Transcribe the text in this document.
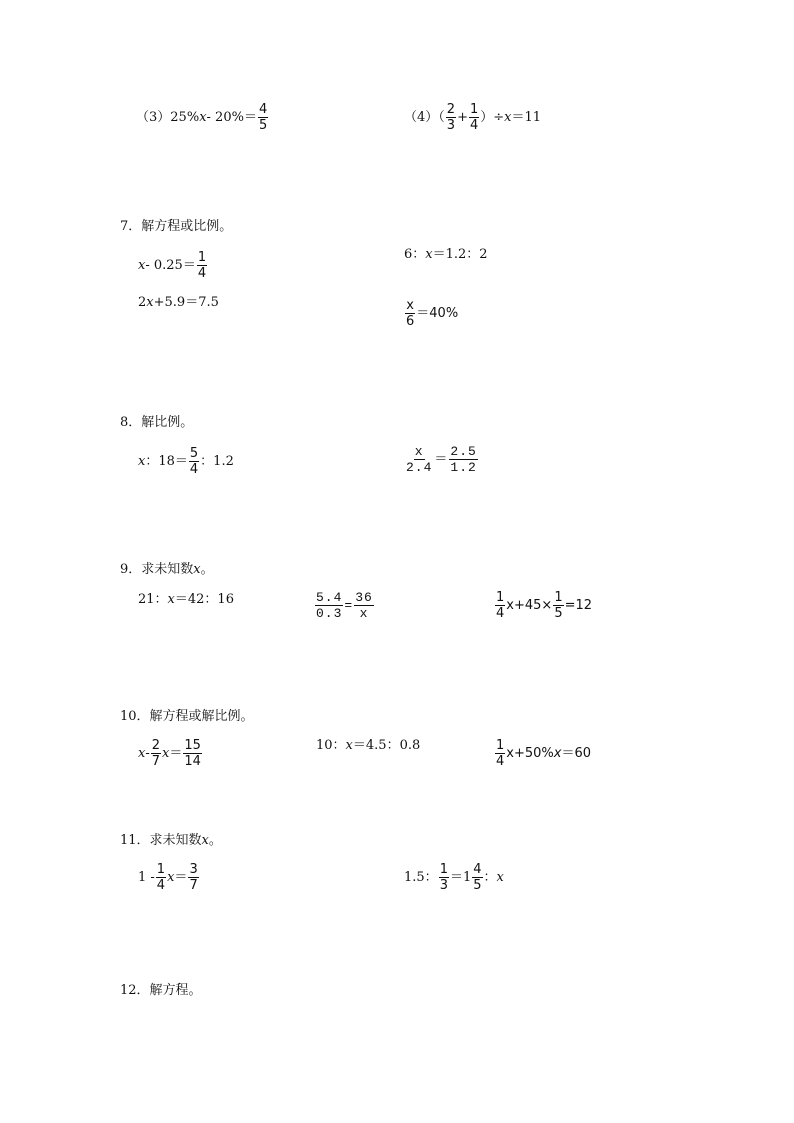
（3） 25% $x - 20\%= \frac{4}{5}$	$(4)( \frac{2}{3} + \frac{1}{4}$ ）÷ x ＝11
7．解方程或比例。
$x - 0.25= \frac{1}{4}$	6： x ＝1.2：2
2 x +5.9＝7.5	$\frac{x}{6} =40\%$
8．解比例。
x ：$18= \frac{5}{4}$ ：1.2	$\frac{x}{2.4} = \frac{2.5}{1.2}$
9．求未知数 x 。
21： x ＝42：16	$\frac{5.4}{0.3} = \frac{36}{x}$	$\frac{1}{4} x+45\times \frac{1}{5} =12$
10．解方程或解比例。
x - $\frac{2}{7}$ $x = \frac{15}{14}$	10： x ＝4.5：0.8	$\frac{1}{4} x+50\%$ x ＝60
11．求未知数 x 。
$1 - \frac{1}{4}$ $x = \frac{3}{7}$	1.5： $\frac{1}{3} =1 \frac{4}{5}$ ： x
12．解方程。
